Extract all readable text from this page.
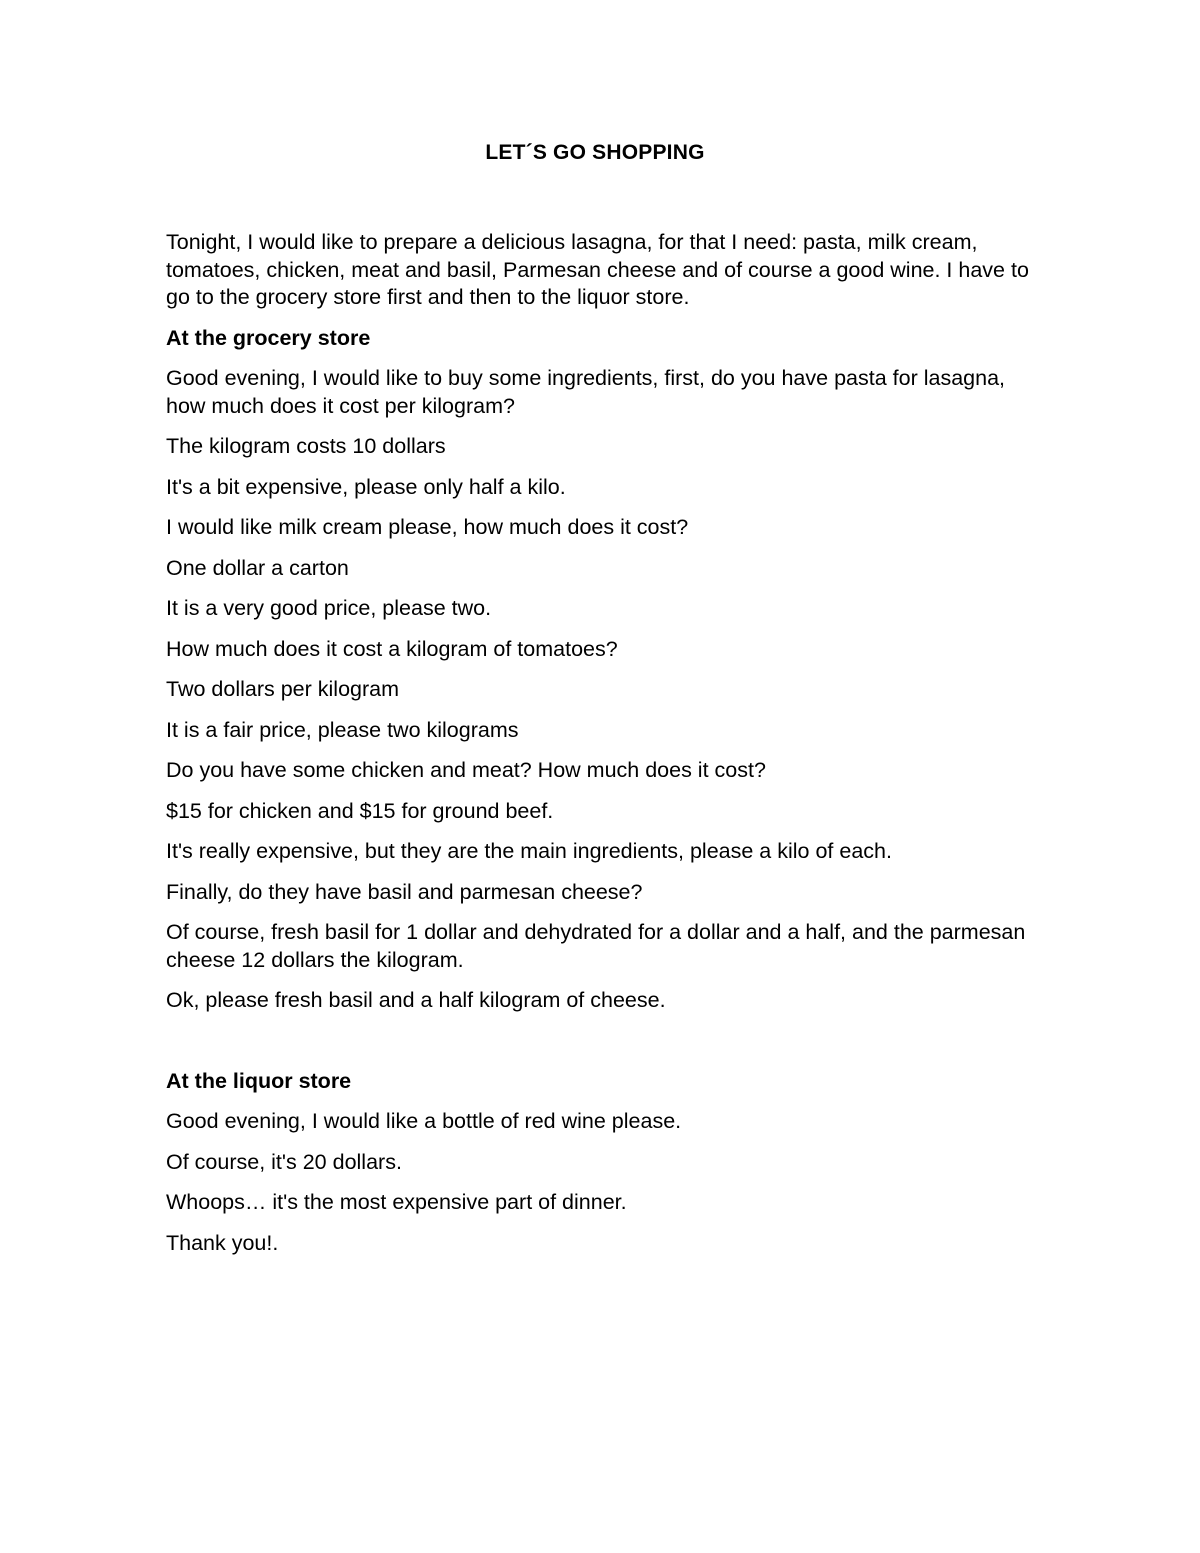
LET´S GO SHOPPING

Tonight, I would like to prepare a delicious lasagna, for that I need: pasta, milk cream, tomatoes, chicken, meat and basil, Parmesan cheese and of course a good wine. I have to go to the grocery store first and then to the liquor store.

At the grocery store

Good evening, I would like to buy some ingredients, first, do you have pasta for lasagna, how much does it cost per kilogram?

The kilogram costs 10 dollars

It's a bit expensive, please only half a kilo.

I would like milk cream please, how much does it cost?

One dollar a carton

It is a very good price, please two.

How much does it cost a kilogram of tomatoes?

Two dollars per kilogram

It is a fair price, please two kilograms

Do you have some chicken and meat? How much does it cost?

$15 for chicken and $15 for ground beef.

It's really expensive, but they are the main ingredients, please a kilo of each.

Finally, do they have basil and parmesan cheese?

Of course, fresh basil for 1 dollar and dehydrated for a dollar and a half, and the parmesan cheese 12 dollars the kilogram.

Ok, please fresh basil and a half kilogram of cheese.

At the liquor store

Good evening, I would like a bottle of red wine please.

Of course, it's 20 dollars.

Whoops… it's the most expensive part of dinner.

Thank you!.
